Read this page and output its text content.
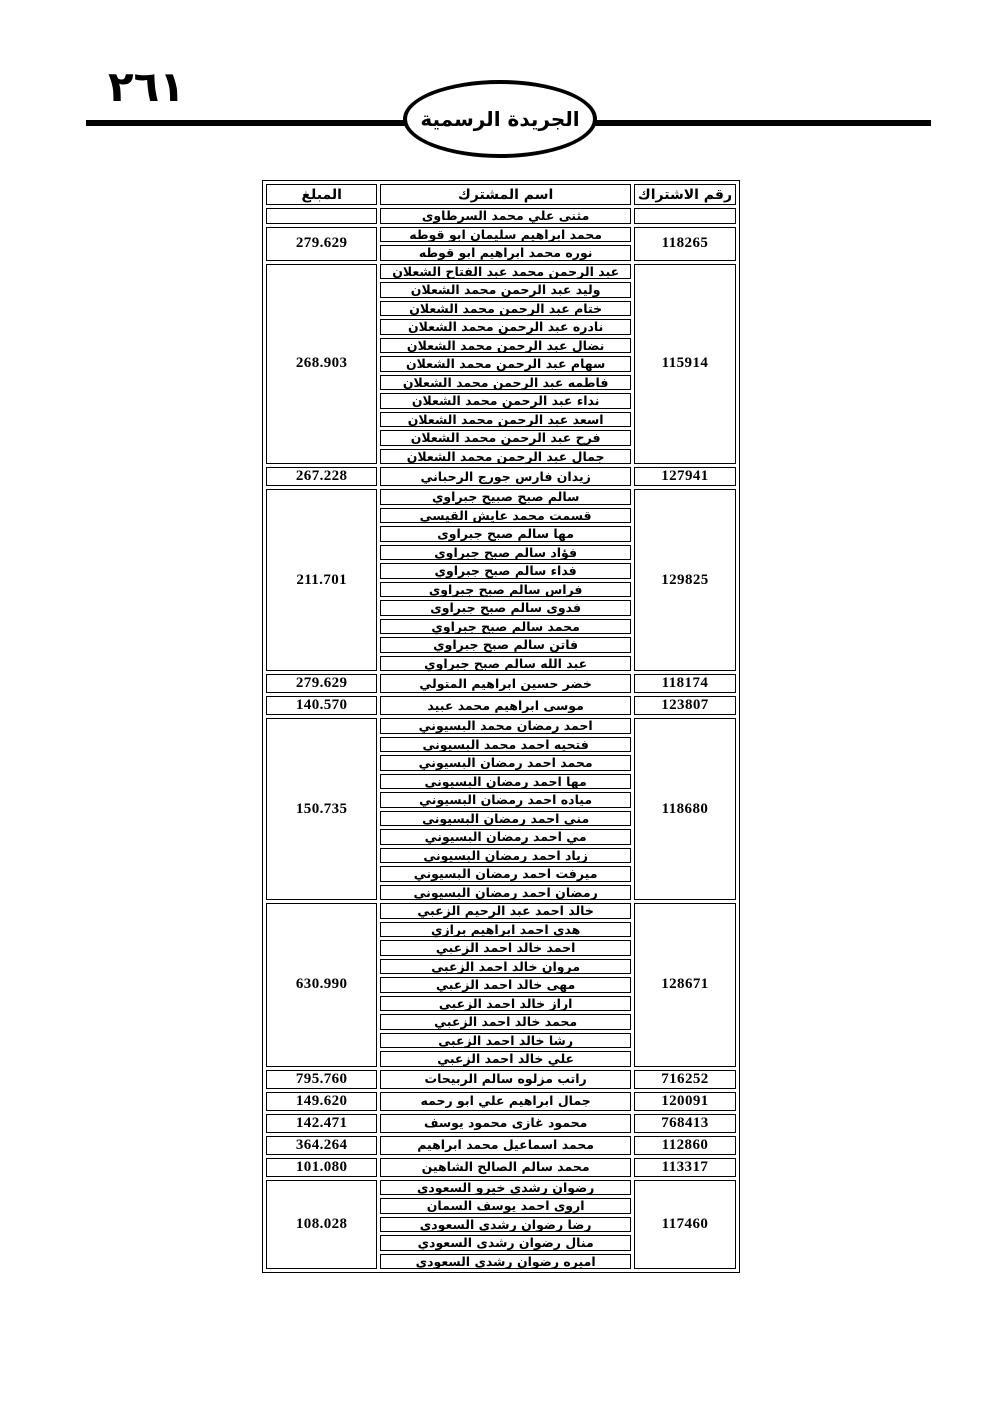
٢٦١
الجريدة الرسمية
رقم الاشتراك	اسم المشترك	المبلغ
	مثنى علي محمد السرطاوى	
118265	محمد ابراهيم سليمان ابو قوطه	279.629
	نوره محمد ابراهيم ابو قوطه	
115914	عبد الرحمن محمد عبد الفتاح الشعلان	268.903
	وليد عبد الرحمن محمد الشعلان	
	ختام عبد الرحمن محمد الشعلان	
	نادره عبد الرحمن محمد الشعلان	
	نضال عبد الرحمن محمد الشعلان	
	سهام عبد الرحمن محمد الشعلان	
	فاطمه عبد الرحمن محمد الشعلان	
	نداء عبد الرحمن محمد الشعلان	
	اسعد عبد الرحمن محمد الشعلان	
	فرح عبد الرحمن محمد الشعلان	
	جمال عبد الرحمن محمد الشعلان	
127941	زيدان فارس جورج الرحباني	267.228
129825	سالم صبح صبيح جبراوي	211.701
	قسمت محمد عايش القيسي	
	مها سالم صبح جبراوى	
	فؤاد سالم صبح جبراوى	
	فداء سالم صبح جبراوي	
	فراس سالم صبح جبراوى	
	فدوى سالم صبح جبراوى	
	محمد سالم صبح جبراوي	
	فاتن سالم صبح جبراوي	
	عبد الله سالم صبح جبراوي	
118174	خضر حسين ابراهيم المتولي	279.629
123807	موسى ابراهيم محمد عبيد	140.570
118680	احمد رمضان محمد البسيوني	150.735
	فتحيه احمد محمد البسيوني	
	محمد احمد رمضان البسيوني	
	مها احمد رمضان البسيوني	
	مياده احمد رمضان البسيوني	
	منى احمد رمضان البسيوني	
	مي احمد رمضان البسيوني	
	زياد احمد رمضان البسيوني	
	ميرفت احمد رمضان البسيوني	
	رمضان احمد رمضان البسيوني	
128671	خالد احمد عبد الرحيم الزعبي	630.990
	هدى احمد ابراهيم برازي	
	احمد خالد احمد الزعبي	
	مروان خالد احمد الزعبي	
	مهى خالد احمد الزعبي	
	اراز خالد احمد الزعبي	
	محمد خالد احمد الزعبي	
	رشا خالد احمد الزعبي	
	علي خالد احمد الزعبي	
716252	راتب مزلوه سالم الربيحات	795.760
120091	جمال ابراهيم علي ابو رحمه	149.620
768413	محمود غازى محمود يوسف	142.471
112860	محمد اسماعيل محمد ابراهيم	364.264
113317	محمد سالم الصالح الشاهين	101.080
117460	رضوان رشدى خيرو السعودى	108.028
	اروى احمد يوسف السمان	
	رضا رضوان رشدى السعودى	
	منال رضوان رشدى السعودي	
	اميره رضوان رشدى السعودى	
